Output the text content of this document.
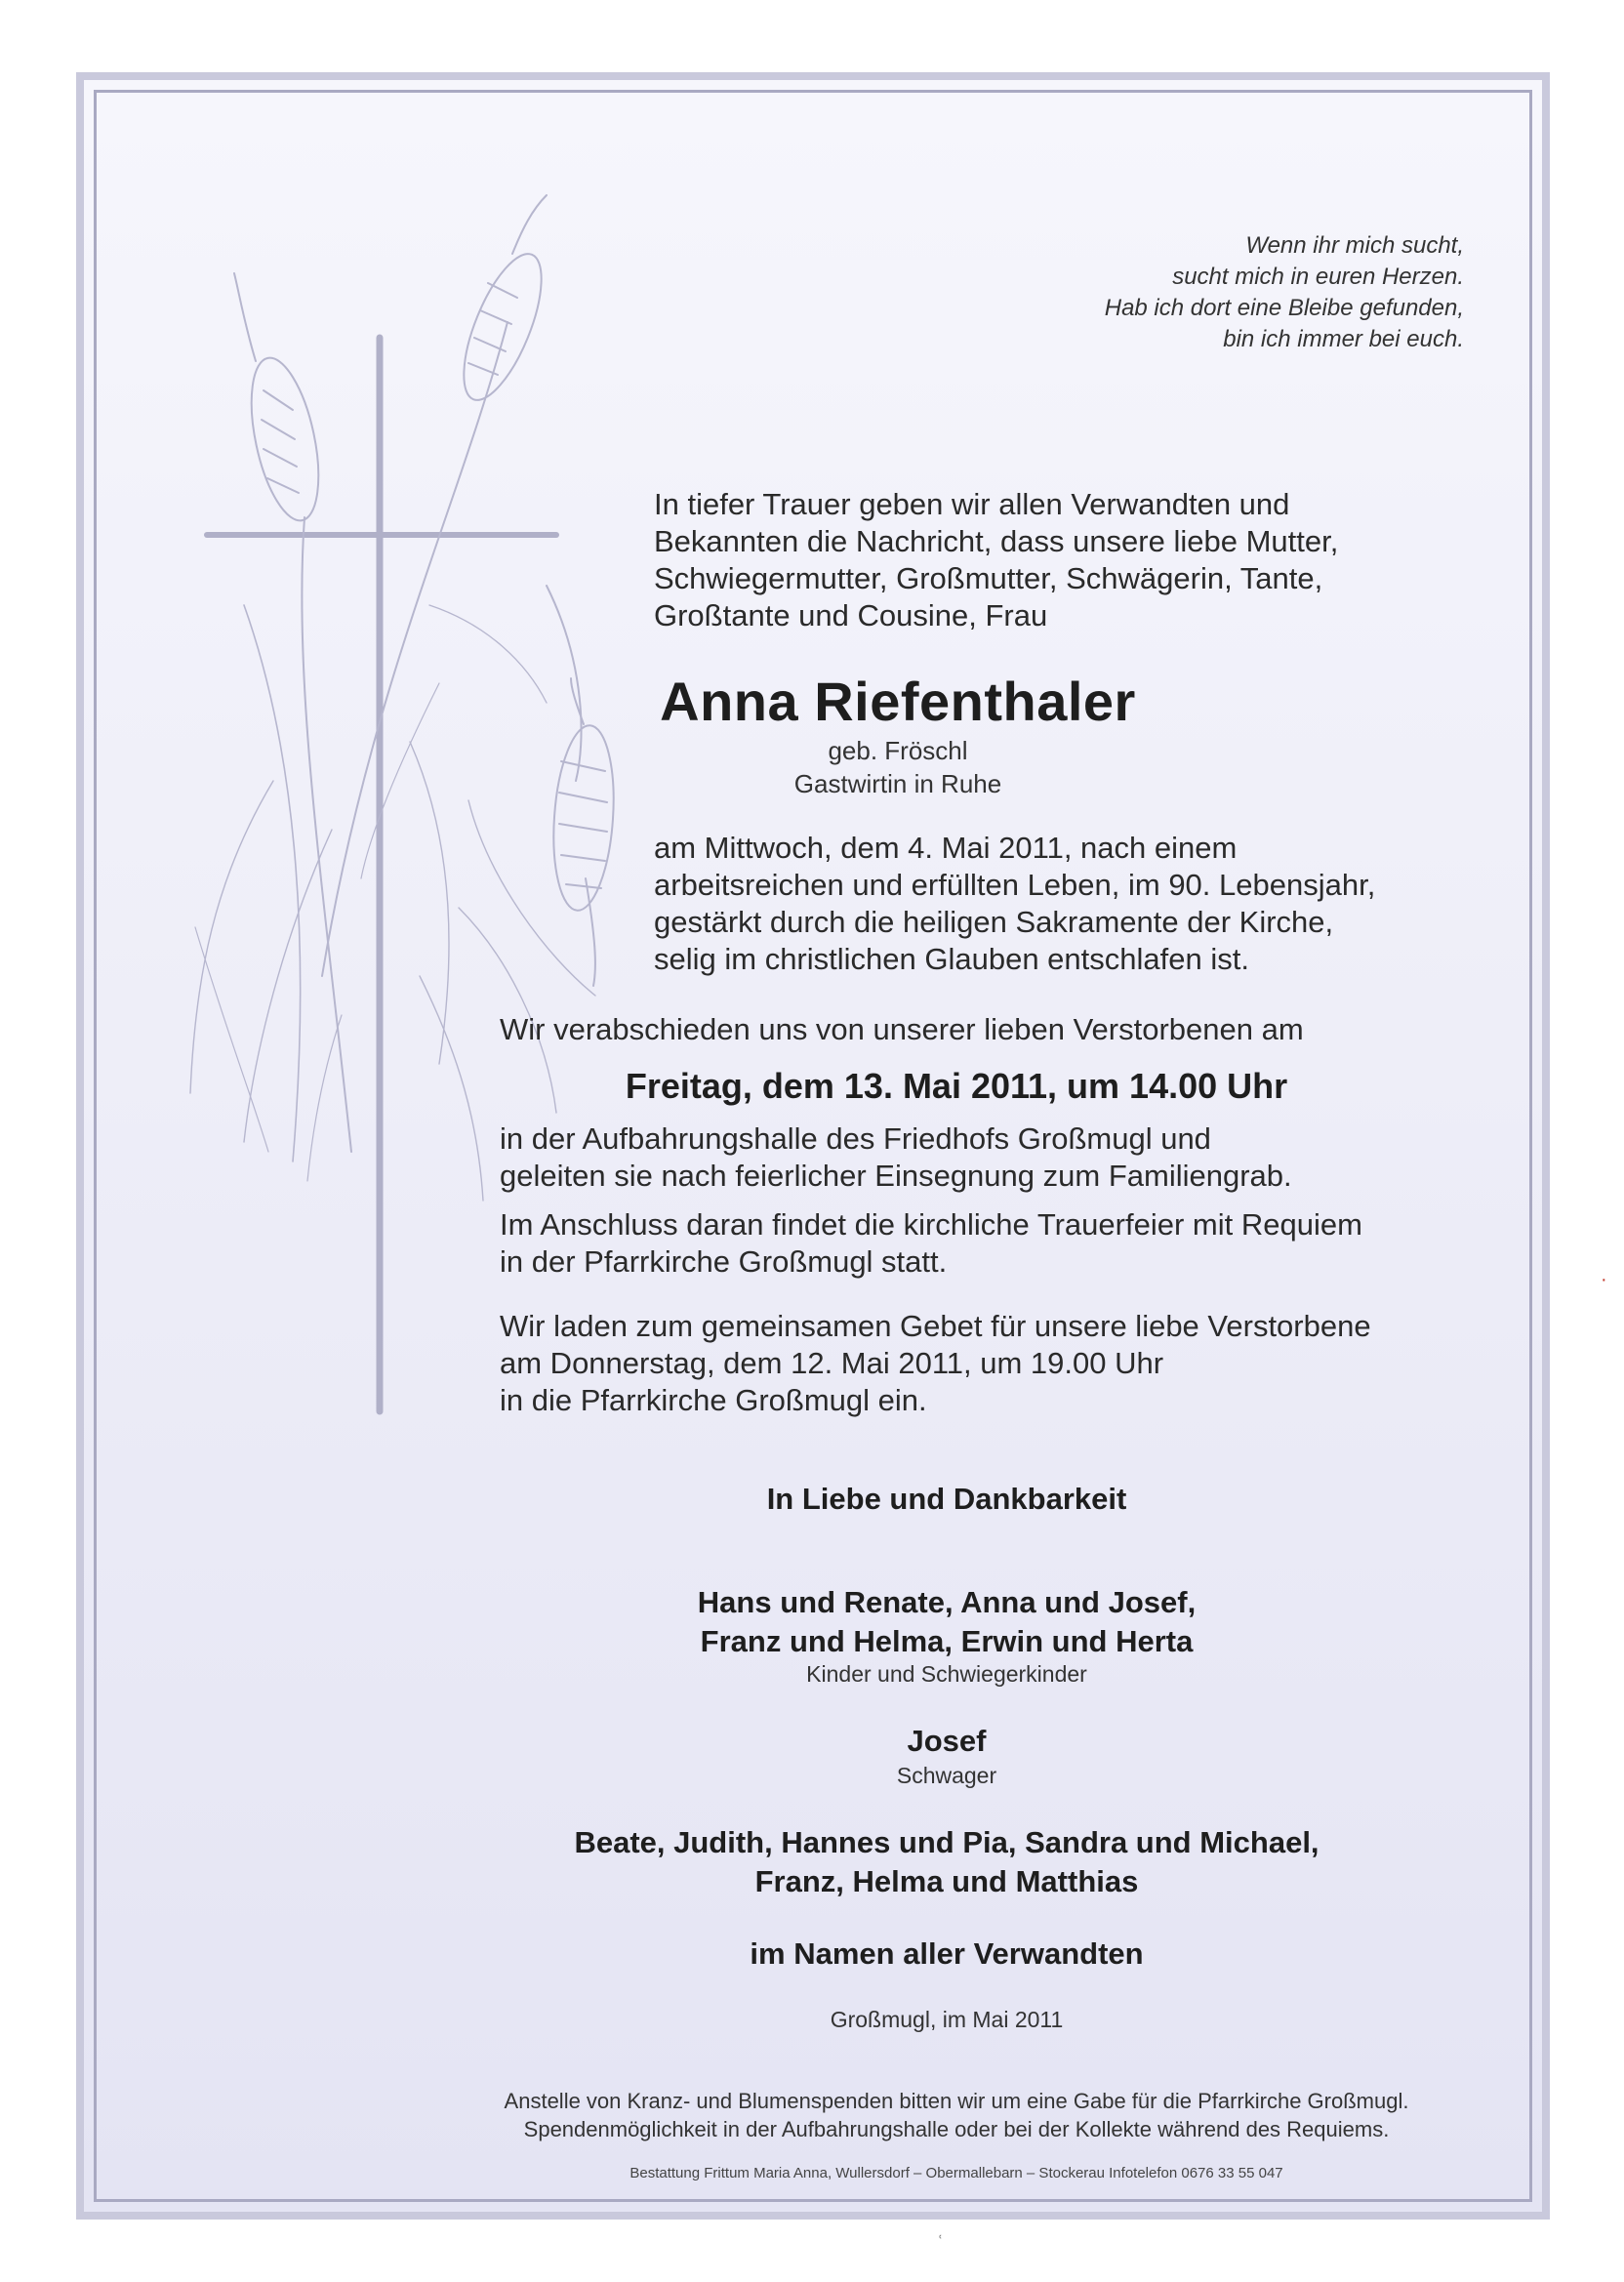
Wenn ihr mich sucht,
sucht mich in euren Herzen.
Hab ich dort eine Bleibe gefunden,
bin ich immer bei euch.
In tiefer Trauer geben wir allen Verwandten und
Bekannten die Nachricht, dass unsere liebe Mutter,
Schwiegermutter, Großmutter, Schwägerin, Tante,
Großtante und Cousine, Frau
Anna Riefenthaler
geb. Fröschl
Gastwirtin in Ruhe
am Mittwoch, dem 4. Mai 2011, nach einem
arbeitsreichen und erfüllten Leben, im 90. Lebensjahr,
gestärkt durch die heiligen Sakramente der Kirche,
selig im christlichen Glauben entschlafen ist.
Wir verabschieden uns von unserer lieben Verstorbenen am
Freitag, dem 13. Mai 2011, um 14.00 Uhr
in der Aufbahrungshalle des Friedhofs Großmugl und
geleiten sie nach feierlicher Einsegnung zum Familiengrab.
Im Anschluss daran findet die kirchliche Trauerfeier mit Requiem
in der Pfarrkirche Großmugl statt.
Wir laden zum gemeinsamen Gebet für unsere liebe Verstorbene
am Donnerstag, dem 12. Mai 2011, um 19.00 Uhr
in die Pfarrkirche Großmugl ein.
In Liebe und Dankbarkeit
Hans und Renate, Anna und Josef,
Franz und Helma, Erwin und Herta
Kinder und Schwiegerkinder
Josef
Schwager
Beate, Judith, Hannes und Pia, Sandra und Michael,
Franz, Helma und Matthias
im Namen aller Verwandten
Großmugl, im Mai 2011
Anstelle von Kranz- und Blumenspenden bitten wir um eine Gabe für die Pfarrkirche Großmugl.
Spendenmöglichkeit in der Aufbahrungshalle oder bei der Kollekte während des Requiems.
Bestattung Frittum Maria Anna, Wullersdorf – Obermallebarn – Stockerau Infotelefon 0676 33 55 047
ʿ
·
